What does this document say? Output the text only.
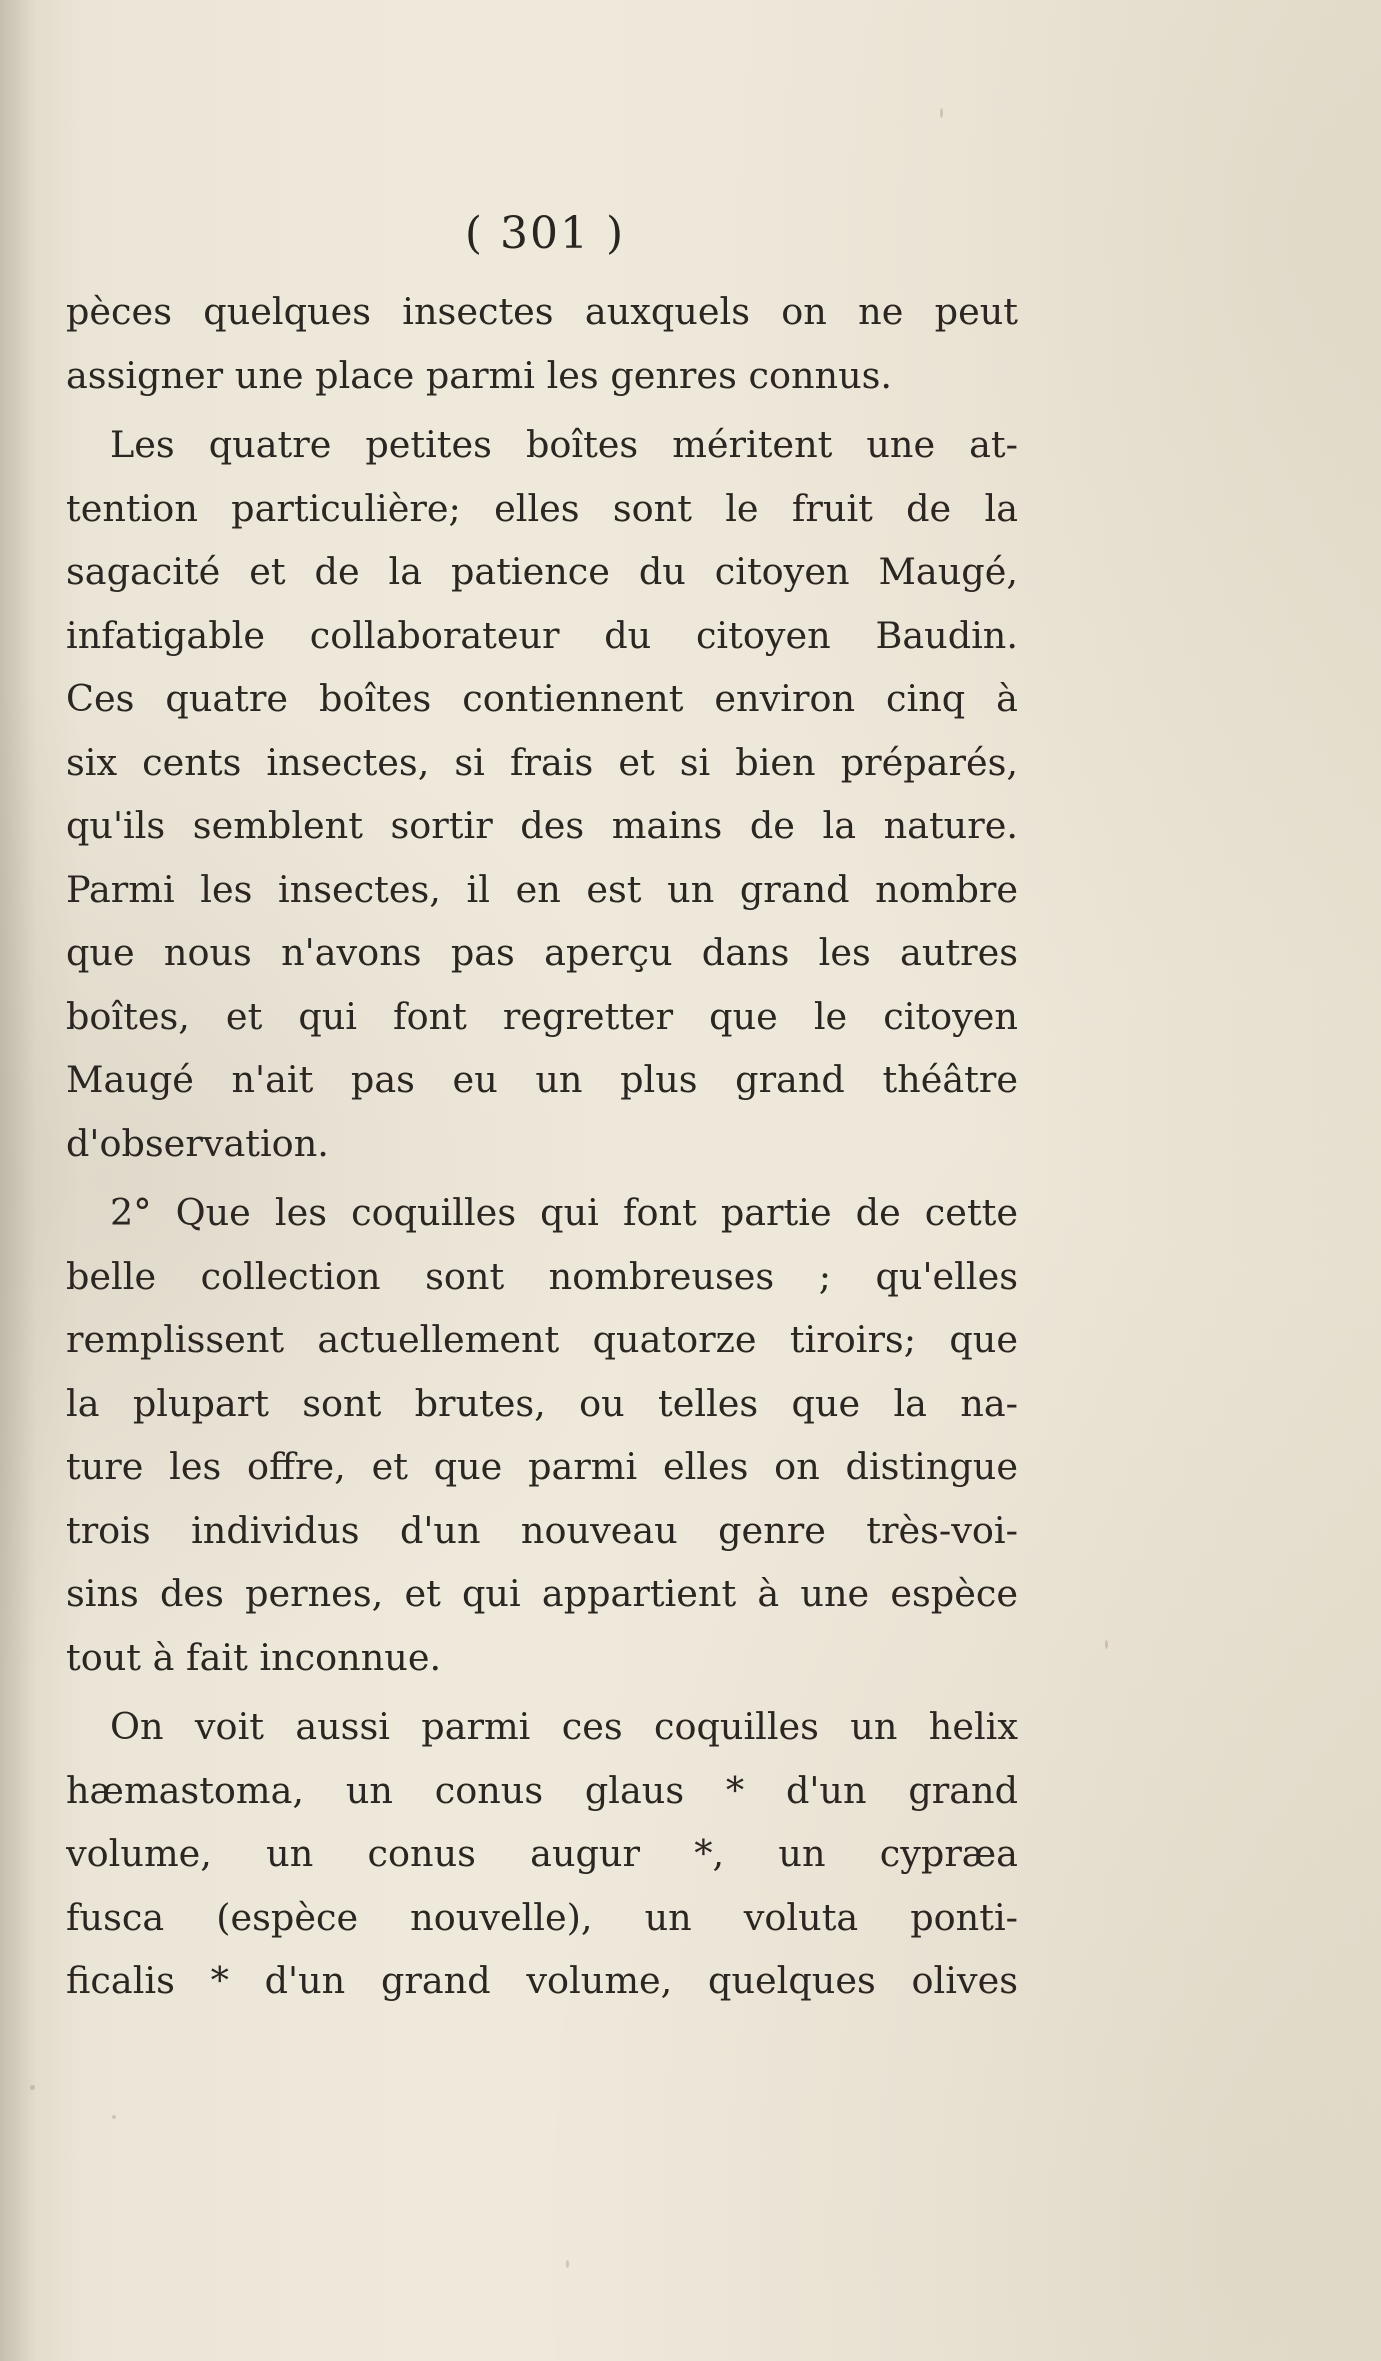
( 301 )
pèces quelques insectes auxquels on ne peut
assigner une place parmi les genres connus.
Les quatre petites boîtes méritent une at-
tention particulière; elles sont le fruit de la
sagacité et de la patience du citoyen Maugé,
infatigable collaborateur du citoyen Baudin.
Ces quatre boîtes contiennent environ cinq à
six cents insectes, si frais et si bien préparés,
qu'ils semblent sortir des mains de la nature.
Parmi les insectes, il en est un grand nombre
que nous n'avons pas aperçu dans les autres
boîtes, et qui font regretter que le citoyen
Maugé n'ait pas eu un plus grand théâtre
d'observation.
2° Que les coquilles qui font partie de cette
belle collection sont nombreuses ; qu'elles
remplissent actuellement quatorze tiroirs; que
la plupart sont brutes, ou telles que la na-
ture les offre, et que parmi elles on distingue
trois individus d'un nouveau genre très-voi-
sins des pernes, et qui appartient à une espèce
tout à fait inconnue.
On voit aussi parmi ces coquilles un helix
hæmastoma, un conus glaus * d'un grand
volume, un conus augur *, un cypræa
fusca (espèce nouvelle), un voluta ponti-
ficalis * d'un grand volume, quelques olives
